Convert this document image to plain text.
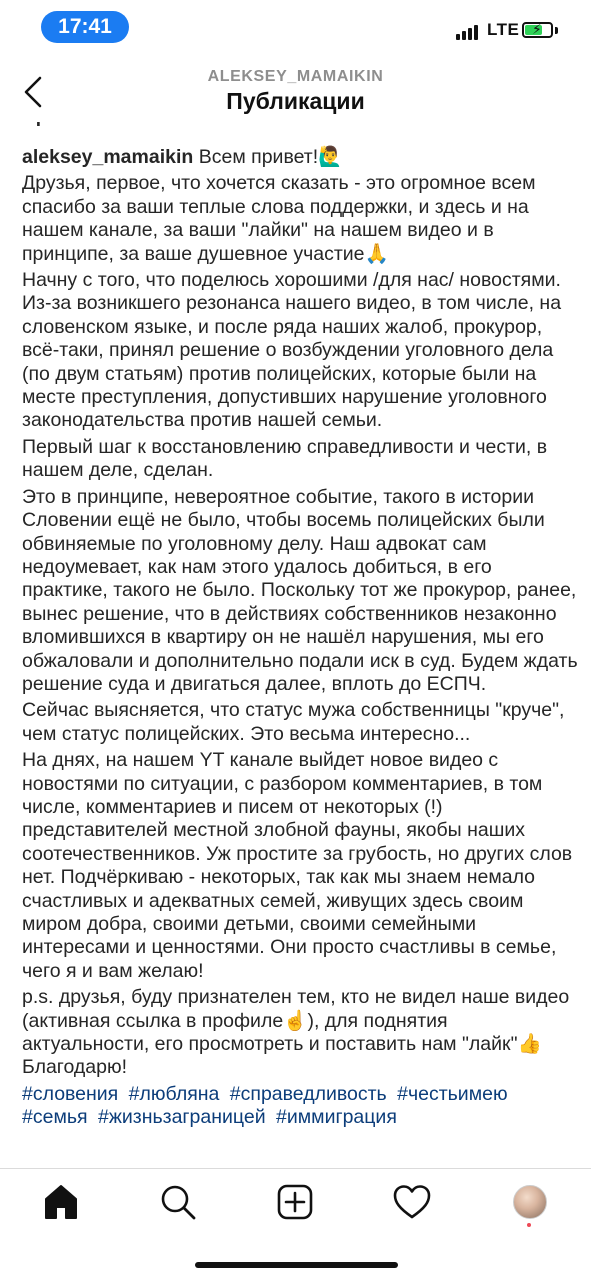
17:41	LTE ⚡
ALEKSEY_MAMAIKIN
Публикации

aleksey_mamaikin Всем привет!🙋‍♂️

Друзья, первое, что хочется сказать - это огромное всем спасибо за ваши теплые слова поддержки, и здесь и на нашем канале, за ваши "лайки" на нашем видео и в принципе, за ваше душевное участие🙏

Начну с того, что поделюсь хорошими /для нас/ новостями. Из-за возникшего резонанса нашего видео, в том числе, на словенском языке, и после ряда наших жалоб, прокурор, всё-таки, принял решение о возбуждении уголовного дела (по двум статьям) против полицейских, которые были на месте преступления, допустивших нарушение уголовного законодательства против нашей семьи.

Первый шаг к восстановлению справедливости и чести, в нашем деле, сделан.

Это в принципе, невероятное событие, такого в истории Словении ещё не было, чтобы восемь полицейских были обвиняемые по уголовному делу. Наш адвокат сам недоумевает, как нам этого удалось добиться, в его практике, такого не было. Поскольку тот же прокурор, ранее, вынес решение, что в действиях собственников незаконно вломившихся в квартиру он не нашёл нарушения, мы его обжаловали и дополнительно подали иск в суд. Будем ждать решение суда и двигаться далее, вплоть до ЕСПЧ.

Сейчас выясняется, что статус мужа собственницы "круче", чем статус полицейских. Это весьма интересно...

На днях, на нашем YT канале выйдет новое видео с новостями по ситуации, с разбором комментариев, в том числе, комментариев и писем от некоторых (!) представителей местной злобной фауны, якобы наших соотечественников. Уж простите за грубость, но других слов нет. Подчёркиваю - некоторых, так как мы знаем немало счастливых и адекватных семей, живущих здесь своим миром добра, своими детьми, своими семейными интересами и ценностями. Они просто счастливы в семье, чего я и вам желаю!

p.s. друзья, буду признателен тем, кто не видел наше видео (активная ссылка в профиле☝️), для поднятия актуальности, его просмотреть и поставить нам "лайк"👍Благодарю!

#словения #любляна #справедливость #честьимею #семья #жизньзаграницей #иммиграция
